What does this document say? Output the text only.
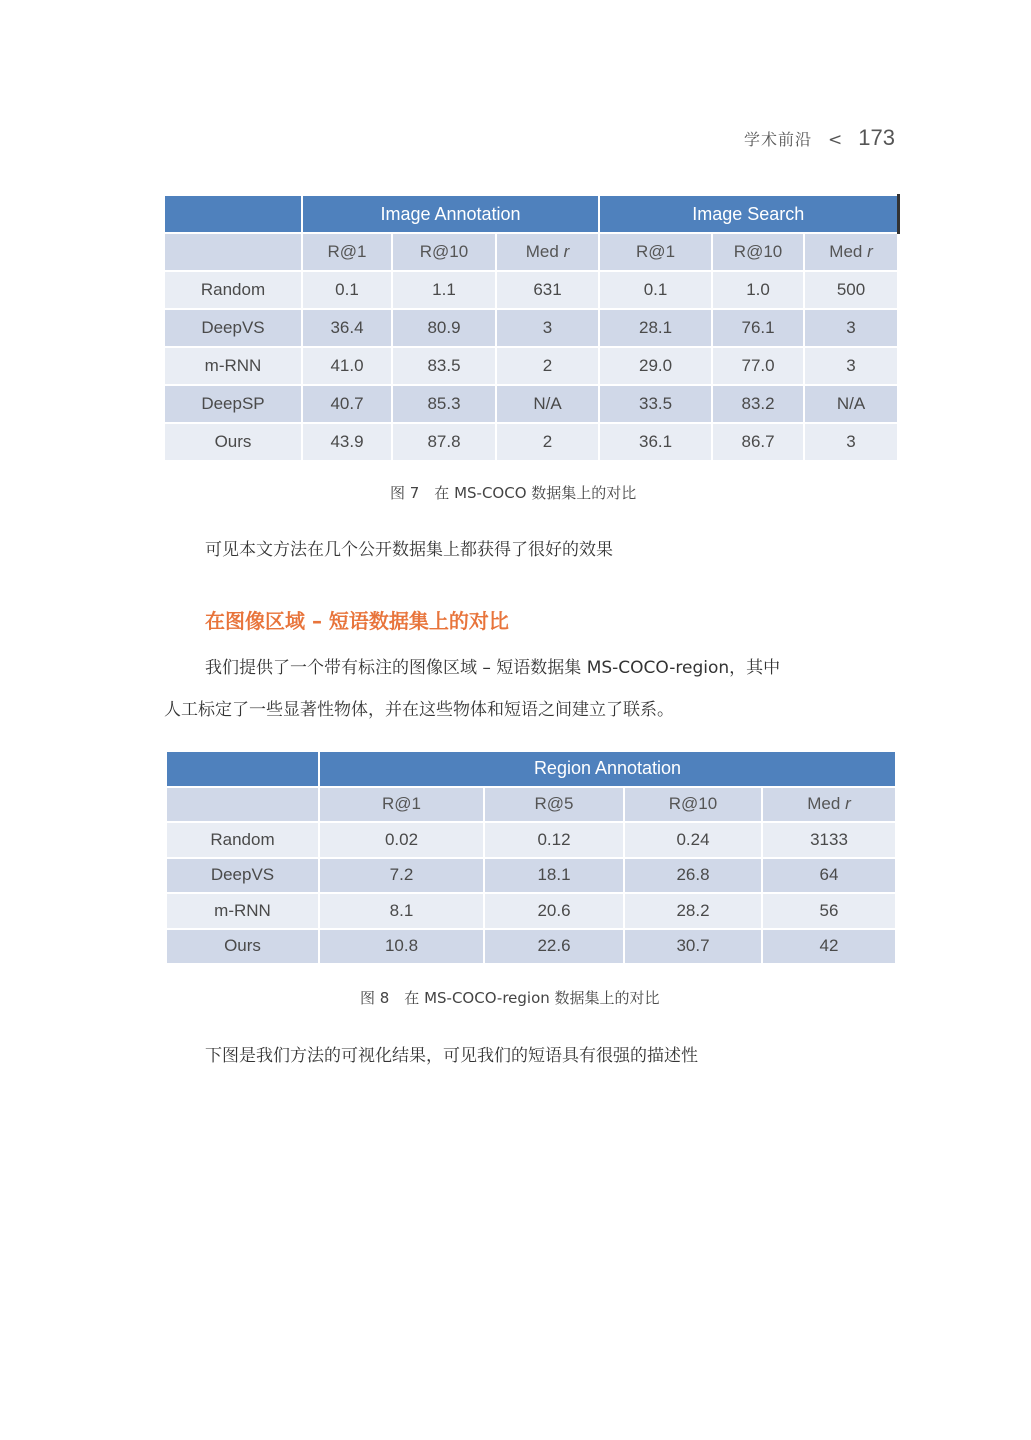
学术前沿 < 173
	Image Annotation			Image Search		
	R@1	R@10	Med r	R@1	R@10	Med r
Random	0.1	1.1	631	0.1	1.0	500
DeepVS	36.4	80.9	3	28.1	76.1	3
m-RNN	41.0	83.5	2	29.0	77.0	3
DeepSP	40.7	85.3	N/A	33.5	83.2	N/A
Ours	43.9	87.8	2	36.1	86.7	3
图 7　在 MS-COCO 数据集上的对比
可见本文方法在几个公开数据集上都获得了很好的效果
在图像区域 – 短语数据集上的对比
我们提供了一个带有标注的图像区域 – 短语数据集 MS-COCO-region，其中
人工标定了一些显著性物体，并在这些物体和短语之间建立了联系。
	Region Annotation			
	R@1	R@5	R@10	Med r
Random	0.02	0.12	0.24	3133
DeepVS	7.2	18.1	26.8	64
m-RNN	8.1	20.6	28.2	56
Ours	10.8	22.6	30.7	42
图 8　在 MS-COCO-region 数据集上的对比
下图是我们方法的可视化结果，可见我们的短语具有很强的描述性
